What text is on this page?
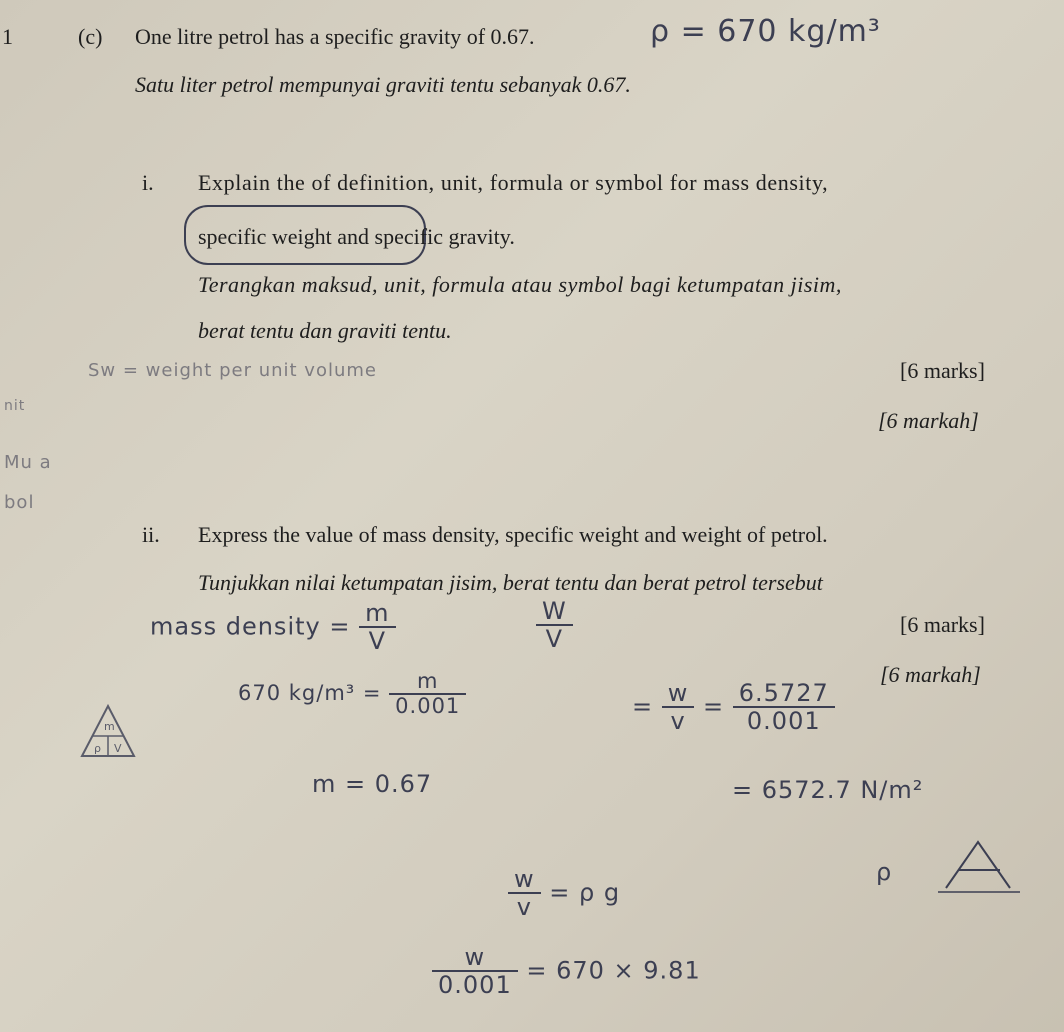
1	(c) One litre petrol has a specific gravity of 0.67.	ρ = 670 kg/m³
Satu liter petrol mempunyai graviti tentu sebanyak 0.67.
i. Explain the of definition, unit, formula or symbol for mass density,
specific weight and specific gravity.
Terangkan maksud, unit, formula atau symbol bagi ketumpatan jisim,
berat tentu dan graviti tentu.
Sw = weight per unit volume	[6 marks]
nit
[6 markah]
Mu a
bol
ii. Express the value of mass density, specific weight and weight of petrol.
Tunjukkan nilai ketumpatan jisim, berat tentu dan berat petrol tersebut
[6 marks]
[6 markah]
mass density = $\frac{m}{V}$	$\frac{W}{V}$
670 $kg/m^3 = \frac{m}{0.001}$	= $\frac{w}{v} = \frac{6.5727}{0.001}$
m
ρ V
m = 0.67	= 6572.7 N/m²
$\frac{w}{v} = \rho$ g
ρ
$\frac{w}{0.001} = 670 \times 9.81$
